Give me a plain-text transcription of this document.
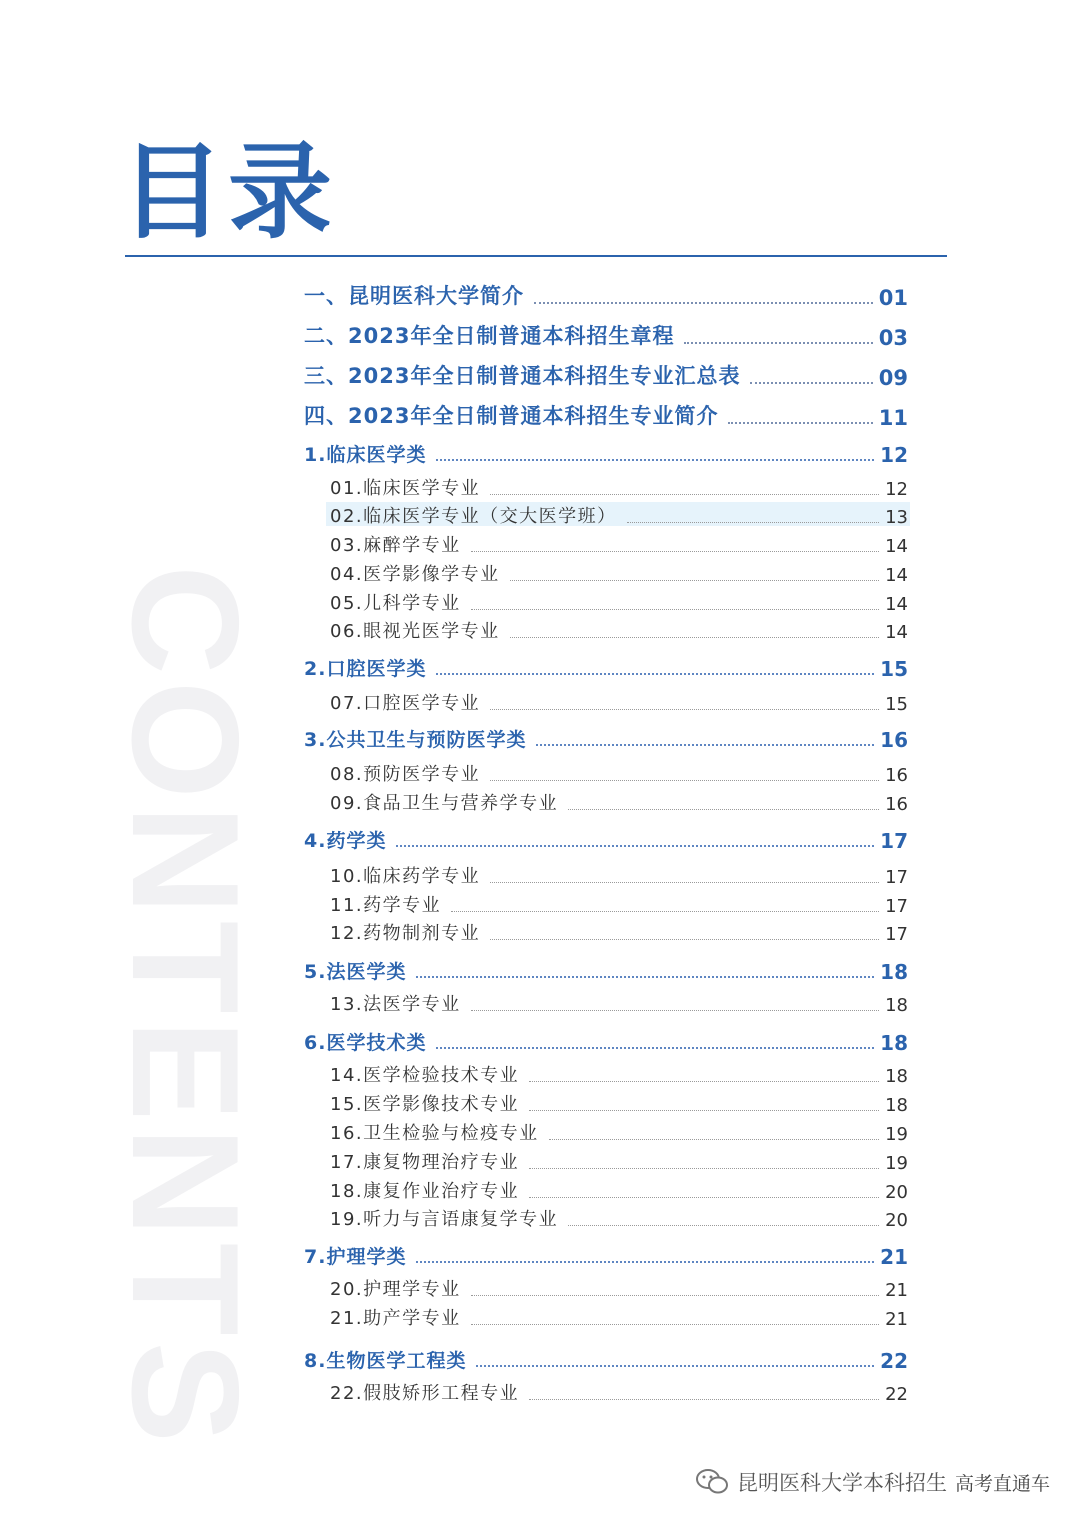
CONTENTS
目录
一、昆明医科大学简介	01
二、2023年全日制普通本科招生章程	03
三、2023年全日制普通本科招生专业汇总表	09
四、2023年全日制普通本科招生专业简介	11
1.临床医学类	12
01.临床医学专业	12
02.临床医学专业（交大医学班）	13
03.麻醉学专业	14
04.医学影像学专业	14
05.儿科学专业	14
06.眼视光医学专业	14
2.口腔医学类	15
07.口腔医学专业	15
3.公共卫生与预防医学类	16
08.预防医学专业	16
09.食品卫生与营养学专业	16
4.药学类	17
10.临床药学专业	17
11.药学专业	17
12.药物制剂专业	17
5.法医学类	18
13.法医学专业	18
6.医学技术类	18
14.医学检验技术专业	18
15.医学影像技术专业	18
16.卫生检验与检疫专业	19
17.康复物理治疗专业	19
18.康复作业治疗专业	20
19.听力与言语康复学专业	20
7.护理学类	21
20.护理学专业	21
21.助产学专业	21
8.生物医学工程类	22
22.假肢矫形工程专业	22
昆明医科大学本科招生 高考直通车
